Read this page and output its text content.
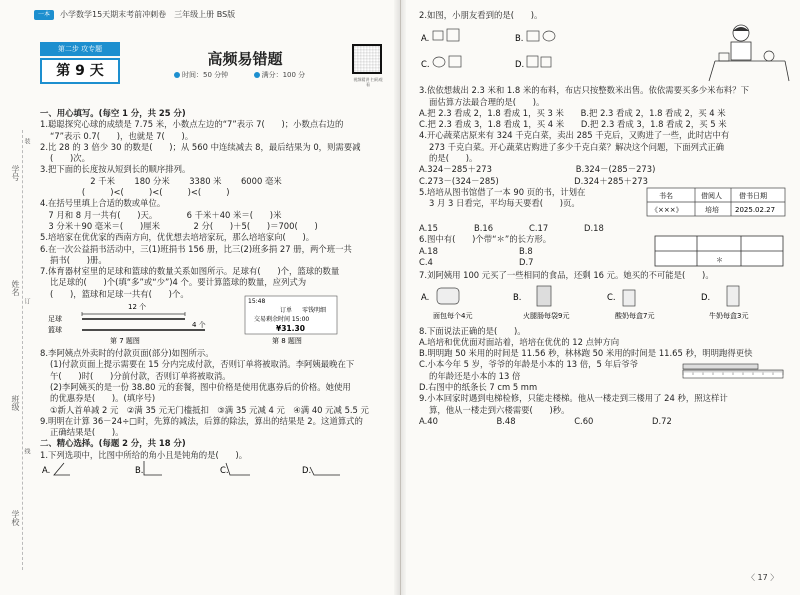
一本	小学数学15天期末考前冲刺卷　三年级上册 BS版
第二步 攻专题
第 9 天
高频易错题
时间：50 分钟 　　　	满分：100 分
视频精讲 扫码观看
学号
姓名
班级
学校
装
订
线

一、用心填写。(每空 1 分，共 25 分)

1.聪聪探究心球的成绩是 7.75 米，小数点左边的“7”表示 7(　　)；小数点右边的

“7”表示 0.7(　　)，也就是 7(　　)。

2.比 28 的 3 倍少 30 的数是(　　)；从 560 中连续减去 8，最后结果为 0，则需要减

(　　)次。

3.把下面的长度按从短到长的顺序排列。

　　　　　　2 千米　　 180 分米　　 3380 米　　 6000 毫米

　　　　　(　　　)<(　　　)<(　　　)<(　　　)

4.在括号里填上合适的数或单位。

　7 月和 8 月一共有(　　)天。　　　　6 千米＋40 米＝(　　)米

　3 分米＋90 毫米＝(　　)厘米　　　　2 分(　　)＋5(　　)＝700(　　)

5.培培家在优优家的西南方向，优优想去培培家玩，那么培培家向(　　)。

6.在一次公益捐书活动中，三(1)班捐书 156 册，比三(2)班多捐 27 册，两个班一共

捐书(　　)册。

7.体育器材室里的足球和篮球的数量关系如图所示。足球有(　　)个，篮球的数量

比足球的(　　)个(填“多”或“少”)4 个。要计算篮球的数量，应列式为

(　　)，篮球和足球一共有(　　)个。

12 个
足球
篮球
4 个
第 7 题图
15:48
订单 零钱明细
交易剩余时间 15:00
¥31.30
第 8 题图

8.李阿姨点外卖时的付款页面(部分)如图所示。

(1)付款页面上提示需要在 15 分内完成付款，否则订单将被取消。李阿姨最晚在下

午(　　)时(　　)分前付款，否则订单将被取消。

(2)李阿姨买的是一份 38.80 元的套餐，图中价格是使用优惠券后的价格。她使用

的优惠券是(　　)。(填序号)

①新人首单减 2 元　②满 35 元无门槛抵扣　③满 35 元减 4 元　④满 40 元减 5.5 元

9.明明在计算 36－24÷□时，先算的减法，后算的除法，算出的结果是 2。这道算式的

正确结果是(　　)。

二、精心选择。(每题 2 分，共 18 分)

1.下列选项中，比图中所给的角小且是钝角的是(　　)。

A.	B.	C.	D.

2.如图，小朋友看到的是(　　)。

A.	B.
C.	D.

3.依依想裁出 2.3 米和 1.8 米的布料，布店只按整数米出售。依依需要买多少米布料？下

面估算方法最合理的是(　　)。

A.把 2.3 看成 2，1.8 看成 1，买 3 米　　B.把 2.3 看成 2，1.8 看成 2，买 4 米

C.把 2.3 看成 3，1.8 看成 1，买 4 米　　D.把 2.3 看成 3，1.8 看成 2，买 5 米

4.开心蔬菜店原来有 324 千克白菜，卖出 285 千克后，又购进了一些，此时店中有

273 千克白菜。开心蔬菜店购进了多少千克白菜？解决这个问题，下面列式正确

的是(　　)。

A.324－285＋273　　　　　　　　　　B.324－(285－273)

C.273－(324－285)　　　　　　　　　D.324＋285＋273

5.培培从图书馆借了一本 90 页的书，计划在

3 月 3 日看完，平均每天要看(　　)页。

书名	借阅人 借书日期
《×××》	培培 2025.02.27

A.15	B.16	C.17	D.18

6.图中有(　　)个带“＊”的长方形。

A.18	B.8

C.4	D.7	＊

7.刘阿姨用 100 元买了一些相同的食品，还剩 16 元。她买的不可能是(　　)。

A.
面包每个4元
B.
火腿肠每袋9元
C.
酸奶每盒7元
D.
牛奶每盒3元

8.下面说法正确的是(　　)。

A.培培和优优面对面站着，培培在优优的 12 点钟方向

B.明明跑 50 米用的时间是 11.56 秒，林林跑 50 米用的时间是 11.65 秒，明明跑得更快

C.小本今年 5 岁，爷爷的年龄是小本的 13 倍，5 年后爷爷

的年龄还是小本的 13 倍

D.右图中的纸条长 7 cm 5 mm

9.小本回家时遇到电梯检修，只能走楼梯。他从一楼走到三楼用了 24 秒，照这样计

算，他从一楼走到六楼需要(　　)秒。

A.40　　　　　　　B.48　　　　　　　C.60　　　　　　　D.72

〈 17 〉
